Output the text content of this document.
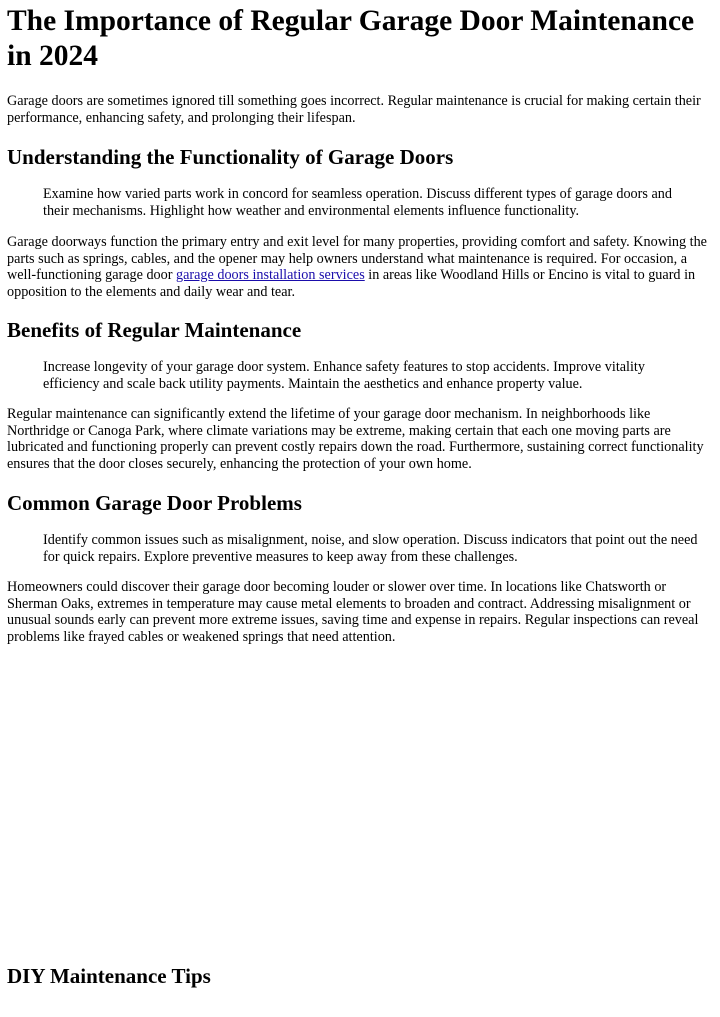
The Importance of Regular Garage Door Maintenance in 2024

Garage doors are sometimes ignored till something goes incorrect. Regular maintenance is crucial for making certain their performance, enhancing safety, and prolonging their lifespan.

Understanding the Functionality of Garage Doors
Examine how varied parts work in concord for seamless operation. Discuss different types of garage doors and their mechanisms. Highlight how weather and environmental elements influence functionality.

Garage doorways function the primary entry and exit level for many properties, providing comfort and safety. Knowing the parts such as springs, cables, and the opener may help owners understand what maintenance is required. For occasion, a well-functioning garage door garage doors installation services in areas like Woodland Hills or Encino is vital to guard in opposition to the elements and daily wear and tear.

Benefits of Regular Maintenance
Increase longevity of your garage door system. Enhance safety features to stop accidents. Improve vitality efficiency and scale back utility payments. Maintain the aesthetics and enhance property value.

Regular maintenance can significantly extend the lifetime of your garage door mechanism. In neighborhoods like Northridge or Canoga Park, where climate variations may be extreme, making certain that each one moving parts are lubricated and functioning properly can prevent costly repairs down the road. Furthermore, sustaining correct functionality ensures that the door closes securely, enhancing the protection of your own home.

Common Garage Door Problems
Identify common issues such as misalignment, noise, and slow operation. Discuss indicators that point out the need for quick repairs. Explore preventive measures to keep away from these challenges.

Homeowners could discover their garage door becoming louder or slower over time. In locations like Chatsworth or Sherman Oaks, extremes in temperature may cause metal elements to broaden and contract. Addressing misalignment or unusual sounds early can prevent more extreme issues, saving time and expense in repairs. Regular inspections can reveal problems like frayed cables or weakened springs that need attention.

DIY Maintenance Tips
